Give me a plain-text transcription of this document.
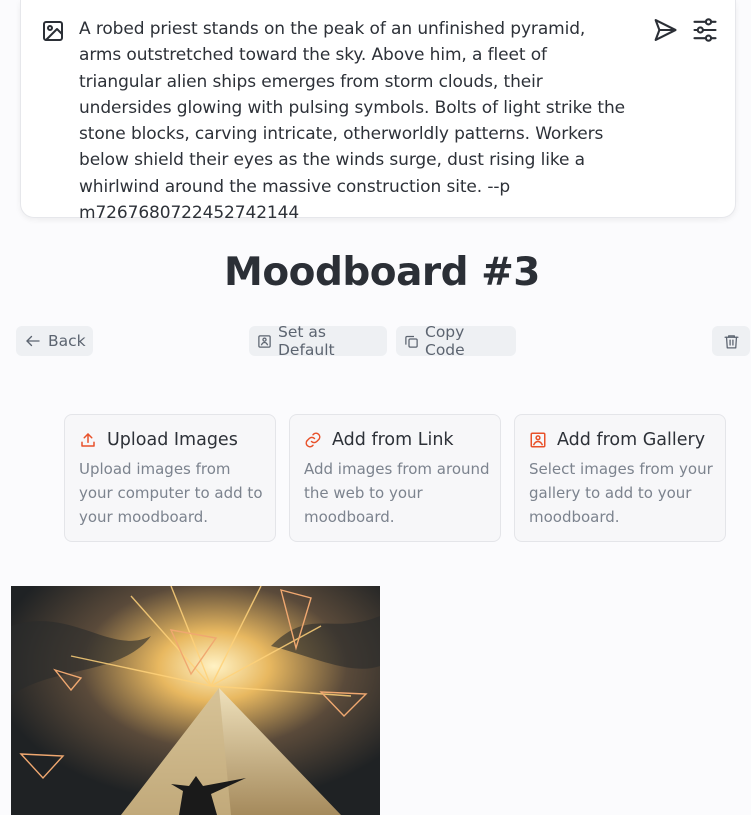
A robed priest stands on the peak of an unfinished pyramid, arms outstretched toward the sky. Above him, a fleet of triangular alien ships emerges from storm clouds, their undersides glowing with pulsing symbols. Bolts of light strike the stone blocks, carving intricate, otherworldly patterns. Workers below shield their eyes as the winds surge, dust rising like a whirlwind around the massive construction site. --p m7267680722452742144
Moodboard #3
Back	Set as Default
Copy Code
Upload Images
Upload images from your computer to add to your moodboard.
Add from Link
Add images from around the web to your moodboard.
Add from Gallery
Select images from your gallery to add to your moodboard.
